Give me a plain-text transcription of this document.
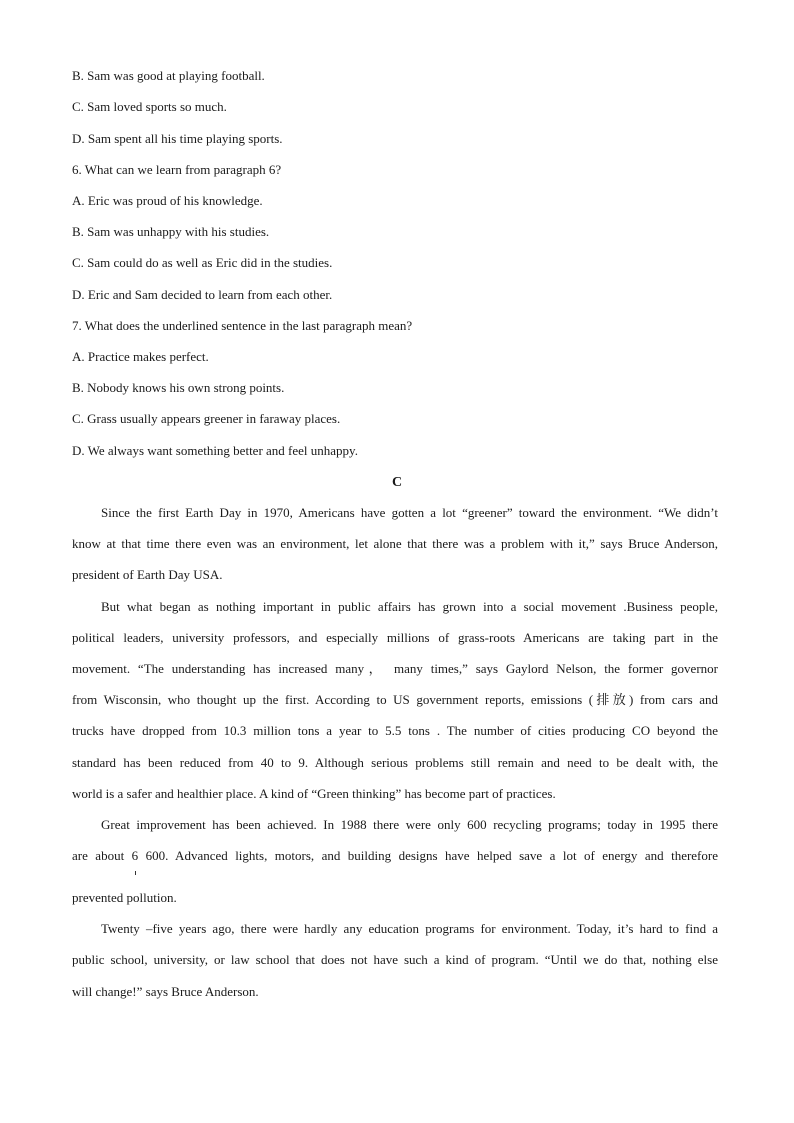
B. Sam was good at playing football.
C. Sam loved sports so much.
D. Sam spent all his time playing sports.
6. What can we learn from paragraph 6?
A. Eric was proud of his knowledge.
B. Sam was unhappy with his studies.
C. Sam could do as well as Eric did in the studies.
D. Eric and Sam decided to learn from each other.
7. What does the underlined sentence in the last paragraph mean?
A. Practice makes perfect.
B. Nobody knows his own strong points.
C. Grass usually appears greener in faraway places.
D. We always want something better and feel unhappy.
C
Since the first Earth Day in 1970, Americans have gotten a lot “greener” toward the environment. “We didn’t
know at that time there even was an environment, let alone that there was a problem with it,” says Bruce Anderson,
president of Earth Day USA.
But what began as nothing important in public affairs has grown into a social movement .Business people,
political leaders, university professors, and especially millions of grass-roots Americans are taking part in the
movement. “The understanding has increased many， many times,” says Gaylord Nelson, the former governor
from Wisconsin, who thought up the first. According to US government reports, emissions (排放) from cars and
trucks have dropped from 10.3 million tons a year to 5.5 tons . The number of cities producing CO beyond the
standard has been reduced from 40 to 9. Although serious problems still remain and need to be dealt with, the
world is a safer and healthier place. A kind of “Green thinking” has become part of practices.
Great improvement has been achieved. In 1988 there were only 600 recycling programs; today in 1995 there
are about 6 600. Advanced lights, motors, and building designs have helped save a lot of energy and therefore
prevented pollution.
Twenty –five years ago, there were hardly any education programs for environment. Today, it’s hard to find a
public school, university, or law school that does not have such a kind of program. “Until we do that, nothing else
will change!” says Bruce Anderson.
